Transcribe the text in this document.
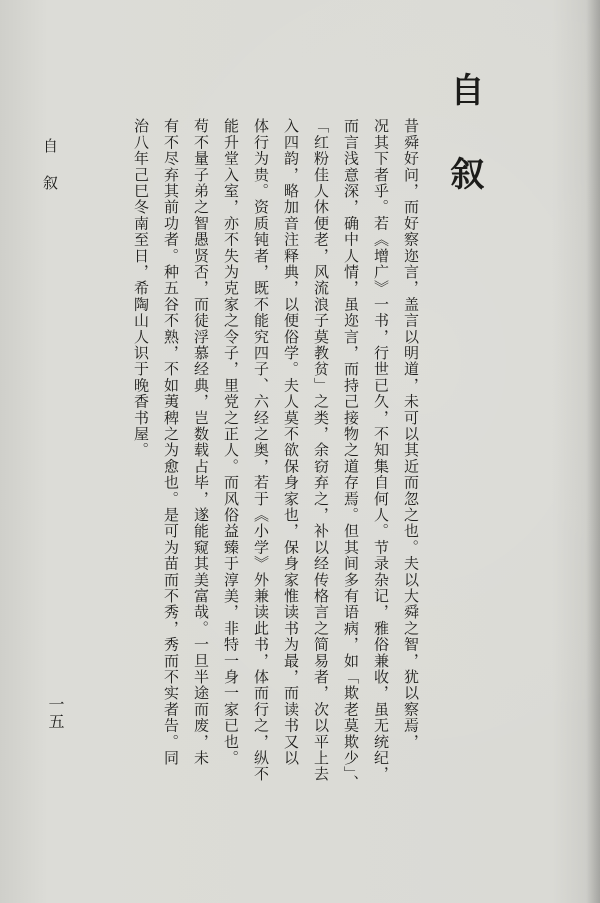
自叙
昔舜好问，而好察迩言，盖言以明道，未可以其近而忽之也。夫以大舜之智，犹以察焉，
况其下者乎。若《增广》一书，行世已久，不知集自何人。节录杂记，雅俗兼收，虽无统纪，
而言浅意深，确中人情，虽迩言，而持己接物之道存焉。但其间多有语病，如「欺老莫欺少」、
「红粉佳人休便老，风流浪子莫教贫」之类，余窃弃之，补以经传格言之简易者，次以平上去
入四韵，略加音注释典，以便俗学。夫人莫不欲保身家也，保身家惟读书为最，而读书又以
体行为贵。资质钝者，既不能究四子、六经之奥，若于《小学》外兼读此书，体而行之，纵不
能升堂入室，亦不失为克家之令子，里党之正人。而风俗益臻于淳美，非特一身一家已也。
苟不量子弟之智愚贤否，而徒浮慕经典，岂数载占毕，遂能窥其美富哉。一旦半途而废，未
有不尽弃其前功者。种五谷不熟，不如荑稗之为愈也。是可为苗而不秀，秀而不实者告。同
治八年己巳冬南至日，希陶山人识于晚香书屋。
自叙
一五
